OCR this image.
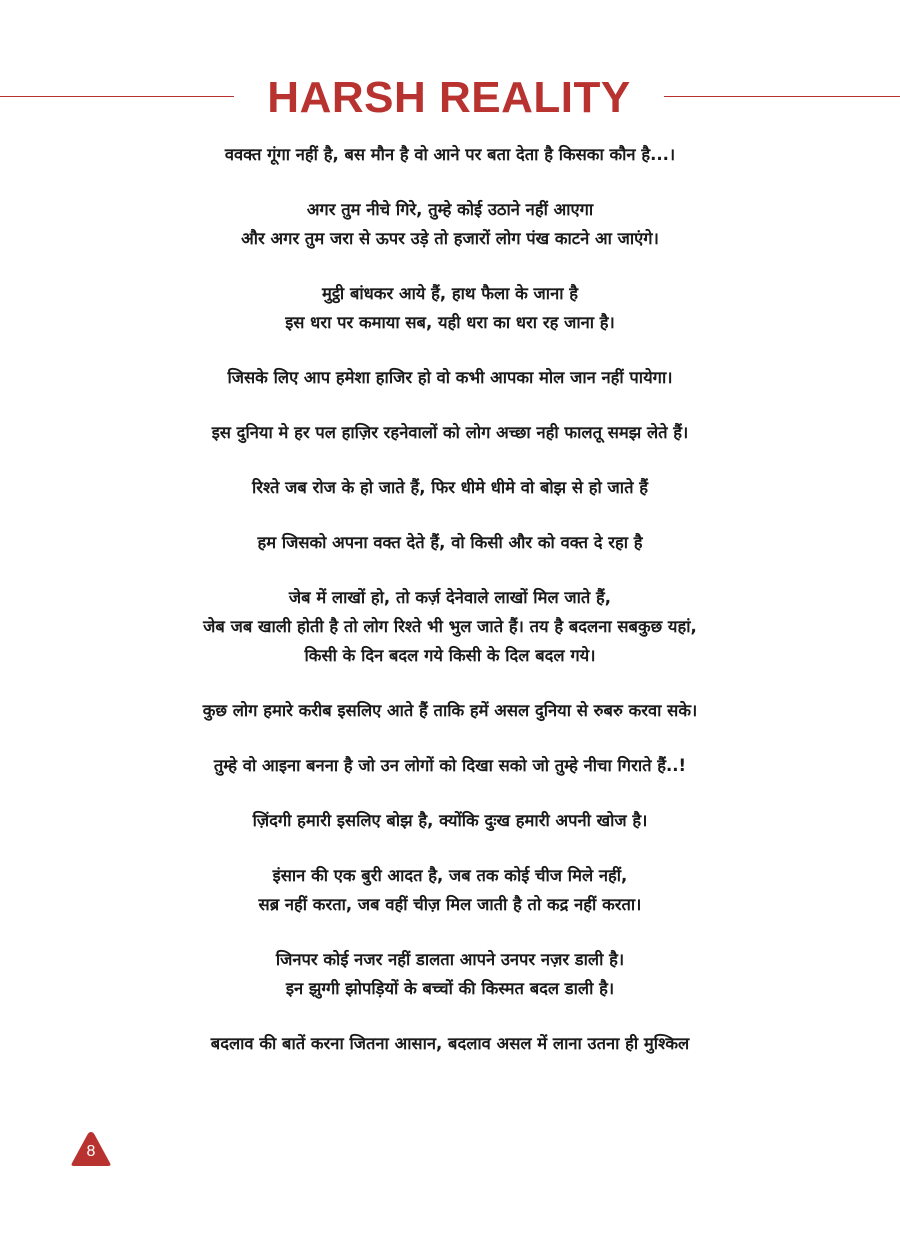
HARSH REALITY
ववक्त गूंगा नहीं है, बस मौन है वो आने पर बता देता है किसका कौन है...।
अगर तुम नीचे गिरे, तुम्हे कोई उठाने नहीं आएगा
और अगर तुम जरा से ऊपर उड़े तो हजारों लोग पंख काटने आ जाएंगे।
मुट्ठी बांधकर आये हैं, हाथ फैला के जाना है
इस धरा पर कमाया सब, यही धरा का धरा रह जाना है।
जिसके लिए आप हमेशा हाजिर हो वो कभी आपका मोल जान नहीं पायेगा।
इस दुनिया मे हर पल हाज़िर रहनेवालों को लोग अच्छा नही फालतू समझ लेते हैं।
रिश्ते जब रोज के हो जाते हैं, फिर धीमे धीमे वो बोझ से हो जाते हैं
हम जिसको अपना वक्त देते हैं, वो किसी और को वक्त दे रहा है
जेब में लाखों हो, तो कर्ज़ देनेवाले लाखों मिल जाते हैं,
जेब जब खाली होती है तो लोग रिश्ते भी भुल जाते हैं। तय है बदलना सबकुछ यहां,
किसी के दिन बदल गये किसी के दिल बदल गये।
कुछ लोग हमारे करीब इसलिए आते हैं ताकि हमें असल दुनिया से रुबरु करवा सके।
तुम्हे वो आइना बनना है जो उन लोगों को दिखा सको जो तुम्हे नीचा गिराते हैं..!
ज़िंदगी हमारी इसलिए बोझ है, क्योंकि दुःख हमारी अपनी खोज है।
इंसान की एक बुरी आदत है, जब तक कोई चीज मिले नहीं,
सब्र नहीं करता, जब वहीं चीज़ मिल जाती है तो कद्र नहीं करता।
जिनपर कोई नजर नहीं डालता आपने उनपर नज़र डाली है।
इन झुग्गी झोपड़ियों के बच्चों की किस्मत बदल डाली है।
बदलाव की बातें करना जितना आसान, बदलाव असल में लाना उतना ही मुश्किल
8
